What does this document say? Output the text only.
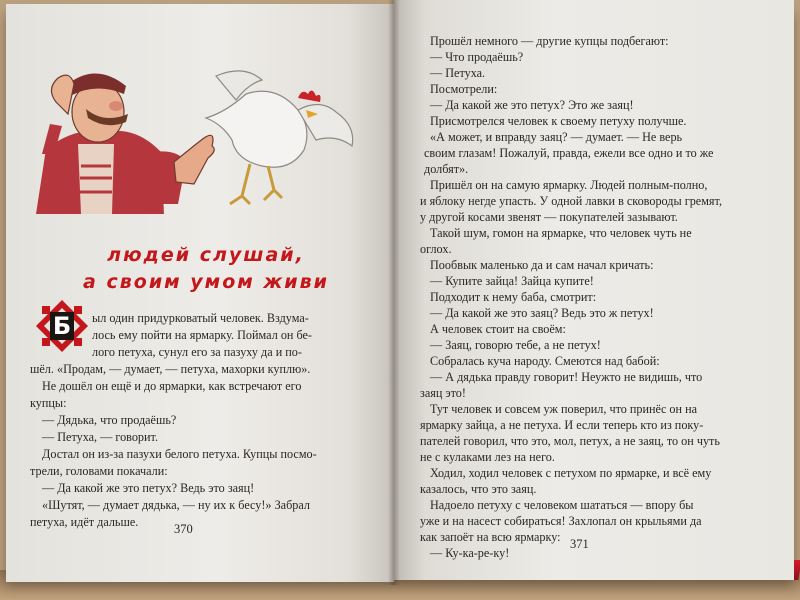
людей слушай,
а своим умом живи
Б ыл один придурковатый человек. Вздума-
лось ему пойти на ярмарку. Поймал он бе-
лого петуха, сунул его за пазуху да и по-
шёл. «Продам, — думает, — петуха, махорки куплю».
Не дошёл он ещё и до ярмарки, как встречают его
купцы:
— Дядька, что продаёшь?
— Петуха, — говорит.
Достал он из-за пазухи белого петуха. Купцы посмо-
трели, головами покачали:
— Да какой же это петух? Ведь это заяц!
«Шутят, — думает дядька, — ну их к бесу!» Забрал
петуха, идёт дальше.	370
Прошёл немного — другие купцы подбегают:
— Что продаёшь?
— Петуха.
Посмотрели:
— Да какой же это петух? Это же заяц!
Присмотрелся человек к своему петуху получше.
«А может, и вправду заяц? — думает. — Не верь
своим глазам! Пожалуй, правда, ежели все одно и то же
долбят».
Пришёл он на самую ярмарку. Людей полным-полно,
и яблоку негде упасть. У одной лавки в сковороды гремят,
у другой косами звенят — покупателей зазывают.
Такой шум, гомон на ярмарке, что человек чуть не
оглох.
Пообвык маленько да и сам начал кричать:
— Купите зайца! Зайца купите!
Подходит к нему баба, смотрит:
— Да какой же это заяц? Ведь это ж петух!
А человек стоит на своём:
— Заяц, говорю тебе, а не петух!
Собралась куча народу. Смеются над бабой:
— А дядька правду говорит! Неужто не видишь, что
заяц это!
Тут человек и совсем уж поверил, что принёс он на
ярмарку зайца, а не петуха. И если теперь кто из поку-
пателей говорил, что это, мол, петух, а не заяц, то он чуть
не с кулаками лез на него.
Ходил, ходил человек с петухом по ярмарке, и всё ему
казалось, что это заяц.
Надоело петуху с человеком шататься — впору бы
уже и на насест собираться! Захлопал он крыльями да
как запоёт на всю ярмарку:
— Ку-ка-ре-ку!
371
